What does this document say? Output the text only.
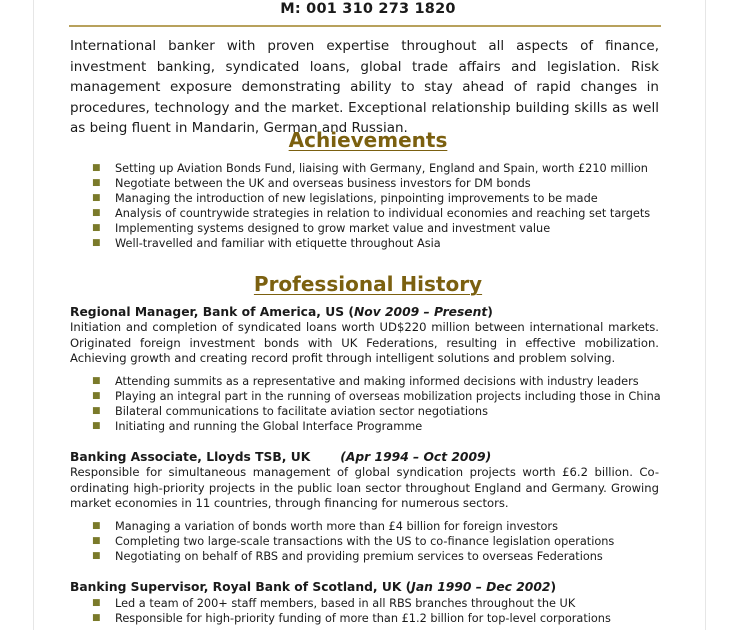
M: 001 310 273 1820

International banker with proven expertise throughout all aspects of finance, investment banking, syndicated loans, global trade affairs and legislation. Risk management exposure demonstrating ability to stay ahead of rapid changes in procedures, technology and the market. Exceptional relationship building skills as well as being fluent in Mandarin, German and Russian.

Achievements
■ Setting up Aviation Bonds Fund, liaising with Germany, England and Spain, worth £210 million
■ Negotiate between the UK and overseas business investors for DM bonds
■ Managing the introduction of new legislations, pinpointing improvements to be made
■ Analysis of countrywide strategies in relation to individual economies and reaching set targets
■ Implementing systems designed to grow market value and investment value
■ Well-travelled and familiar with etiquette throughout Asia
Professional History
Regional Manager, Bank of America, US (Nov 2009 – Present)

Initiation and completion of syndicated loans worth UD$220 million between international markets. Originated foreign investment bonds with UK Federations, resulting in effective mobilization. Achieving growth and creating record profit through intelligent solutions and problem solving.

■ Attending summits as a representative and making informed decisions with industry leaders
■ Playing an integral part in the running of overseas mobilization projects including those in China
■ Bilateral communications to facilitate aviation sector negotiations
■ Initiating and running the Global Interface Programme
Banking Associate, Lloyds TSB, UK (Apr 1994 – Oct 2009)

Responsible for simultaneous management of global syndication projects worth £6.2 billion. Co-ordinating high-priority projects in the public loan sector throughout England and Germany. Growing market economies in 11 countries, through financing for numerous sectors.

■ Managing a variation of bonds worth more than £4 billion for foreign investors
■ Completing two large-scale transactions with the US to co-finance legislation operations
■ Negotiating on behalf of RBS and providing premium services to overseas Federations
Banking Supervisor, Royal Bank of Scotland, UK (Jan 1990 – Dec 2002)
■ Led a team of 200+ staff members, based in all RBS branches throughout the UK
■ Responsible for high-priority funding of more than £1.2 billion for top-level corporations
